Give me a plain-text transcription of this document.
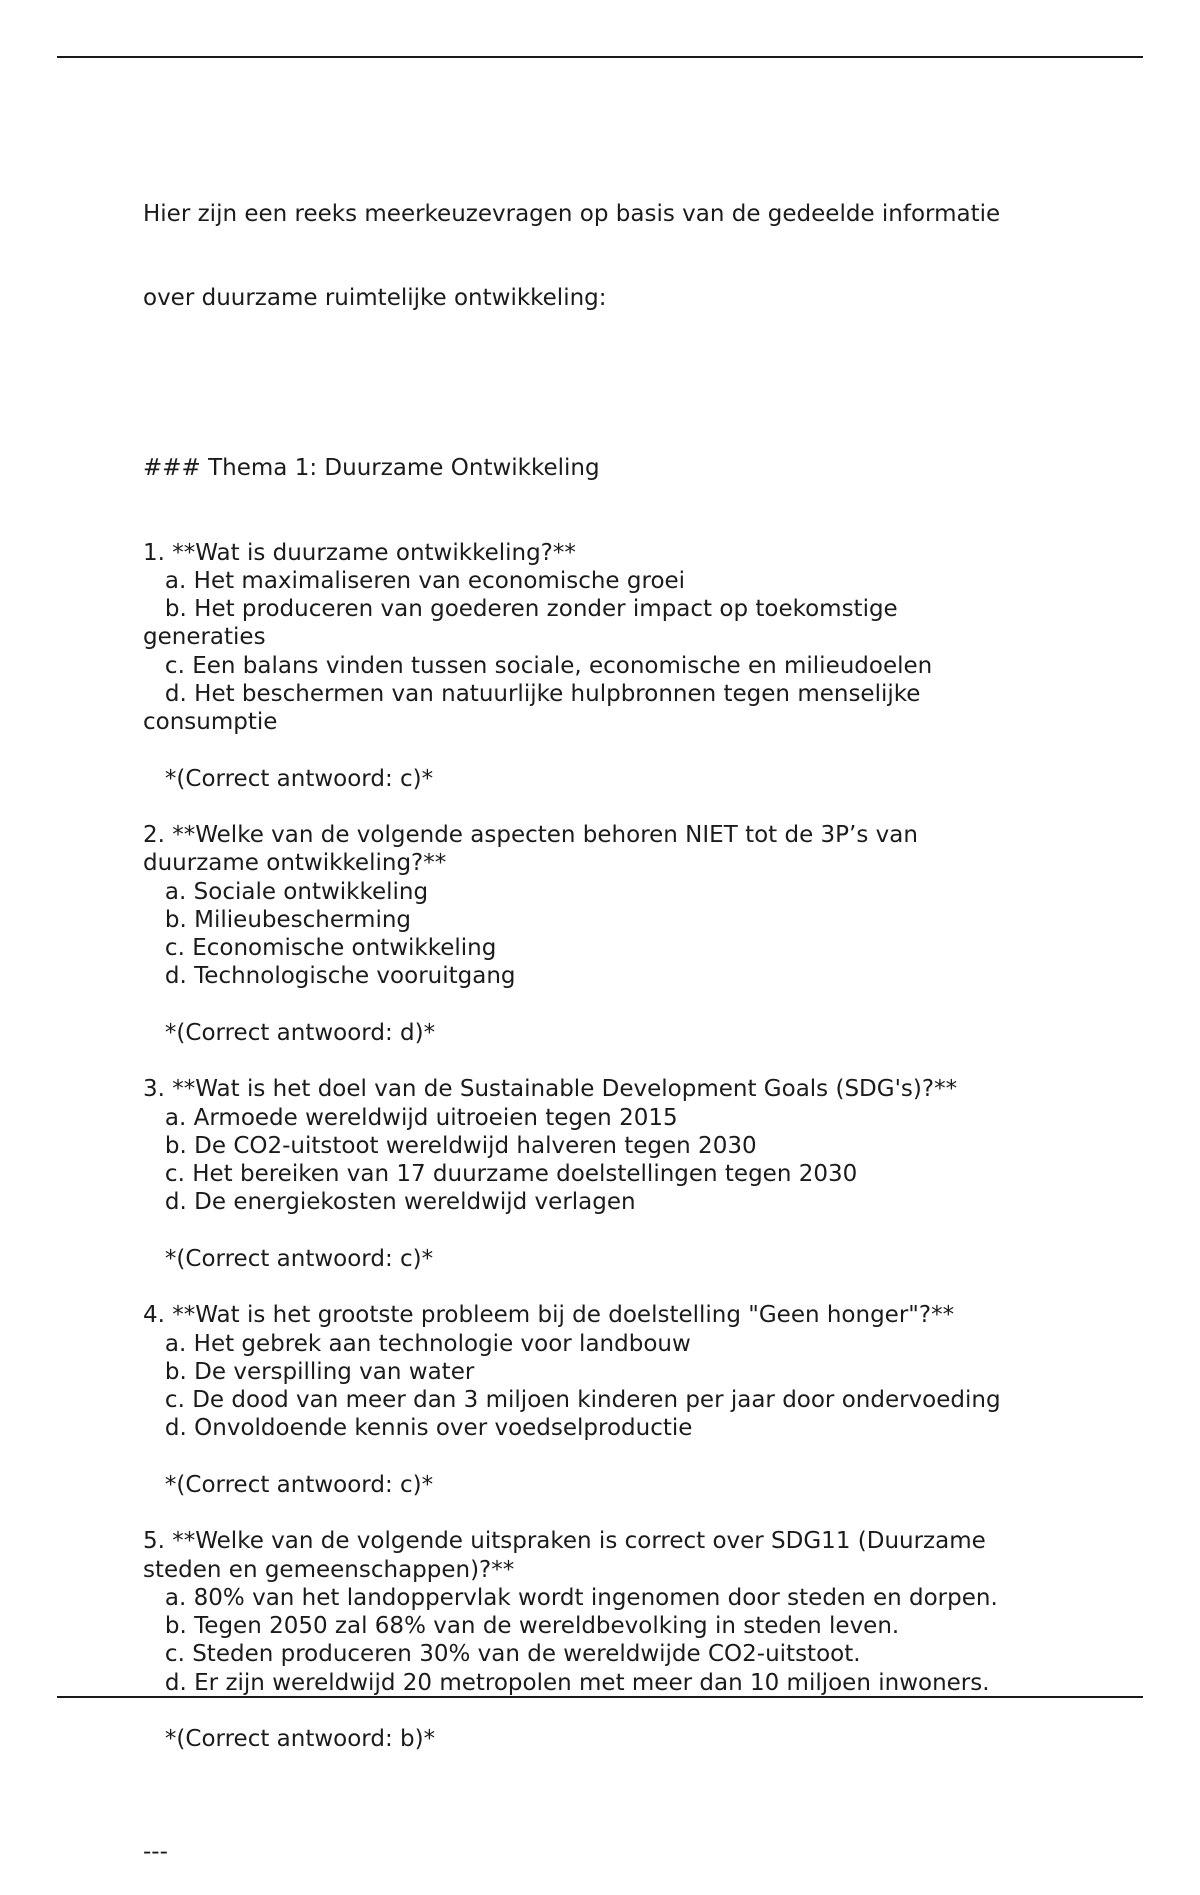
Hier zijn een reeks meerkeuzevragen op basis van de gedeelde informatie

over duurzame ruimtelijke ontwikkeling:

### Thema 1: Duurzame Ontwikkeling

1. **Wat is duurzame ontwikkeling?**
a. Het maximaliseren van economische groei
b. Het produceren van goederen zonder impact op toekomstige
generaties
c. Een balans vinden tussen sociale, economische en milieudoelen
d. Het beschermen van natuurlijke hulpbronnen tegen menselijke
consumptie
*(Correct antwoord: c)*
2. **Welke van de volgende aspecten behoren NIET tot de 3P’s van
duurzame ontwikkeling?**
a. Sociale ontwikkeling
b. Milieubescherming
c. Economische ontwikkeling
d. Technologische vooruitgang
*(Correct antwoord: d)*
3. **Wat is het doel van de Sustainable Development Goals (SDG's)?**
a. Armoede wereldwijd uitroeien tegen 2015
b. De CO2-uitstoot wereldwijd halveren tegen 2030
c. Het bereiken van 17 duurzame doelstellingen tegen 2030
d. De energiekosten wereldwijd verlagen
*(Correct antwoord: c)*
4. **Wat is het grootste probleem bij de doelstelling "Geen honger"?**
a. Het gebrek aan technologie voor landbouw
b. De verspilling van water
c. De dood van meer dan 3 miljoen kinderen per jaar door ondervoeding
d. Onvoldoende kennis over voedselproductie
*(Correct antwoord: c)*
5. **Welke van de volgende uitspraken is correct over SDG11 (Duurzame
steden en gemeenschappen)?**
a. 80% van het landoppervlak wordt ingenomen door steden en dorpen.
b. Tegen 2050 zal 68% van de wereldbevolking in steden leven.
c. Steden produceren 30% van de wereldwijde CO2-uitstoot.
d. Er zijn wereldwijd 20 metropolen met meer dan 10 miljoen inwoners.
*(Correct antwoord: b)*

---
